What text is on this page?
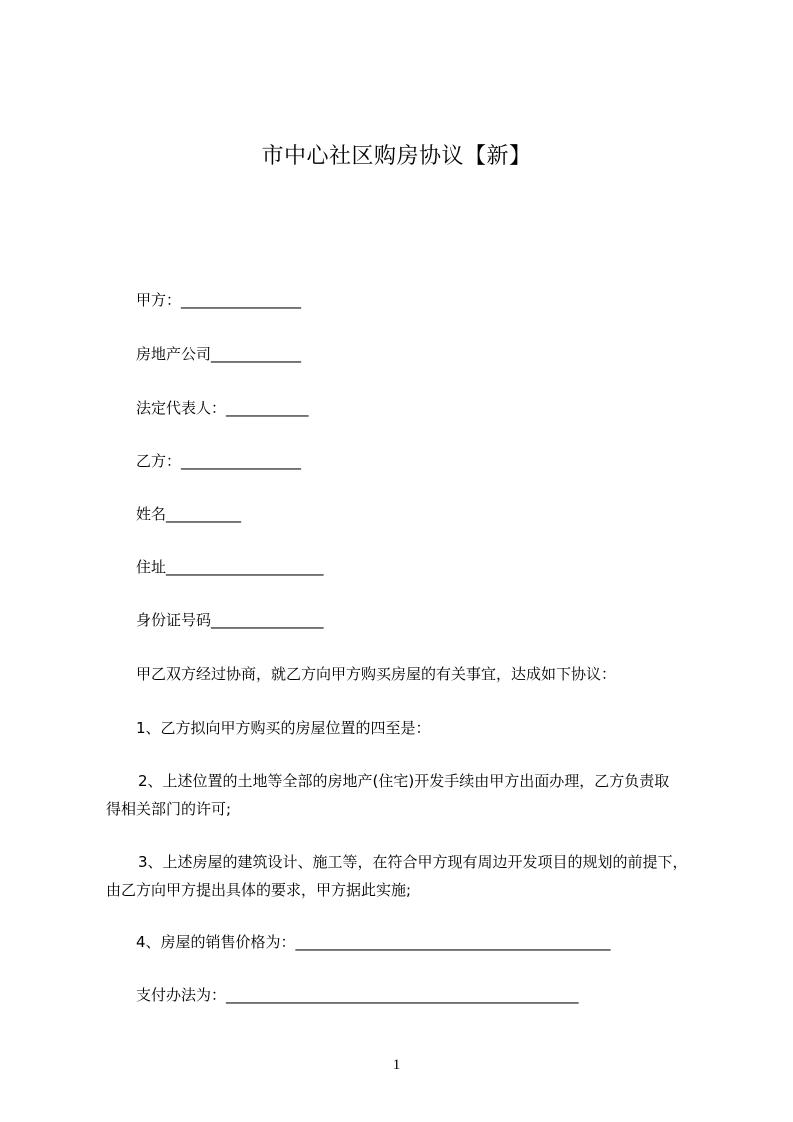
市中心社区购房协议【新】
甲方：________________
房地产公司____________
法定代表人：___________
乙方：________________
姓名__________
住址_____________________
身份证号码_______________
甲乙双方经过协商，就乙方向甲方购买房屋的有关事宜，达成如下协议：
1、乙方拟向甲方购买的房屋位置的四至是：
2、上述位置的土地等全部的房地产(住宅)开发手续由甲方出面办理，乙方负责取
得相关部门的许可;
3、上述房屋的建筑设计、施工等，在符合甲方现有周边开发项目的规划的前提下，
由乙方向甲方提出具体的要求，甲方据此实施;
4、房屋的销售价格为：__________________________________________
支付办法为：_______________________________________________
1
